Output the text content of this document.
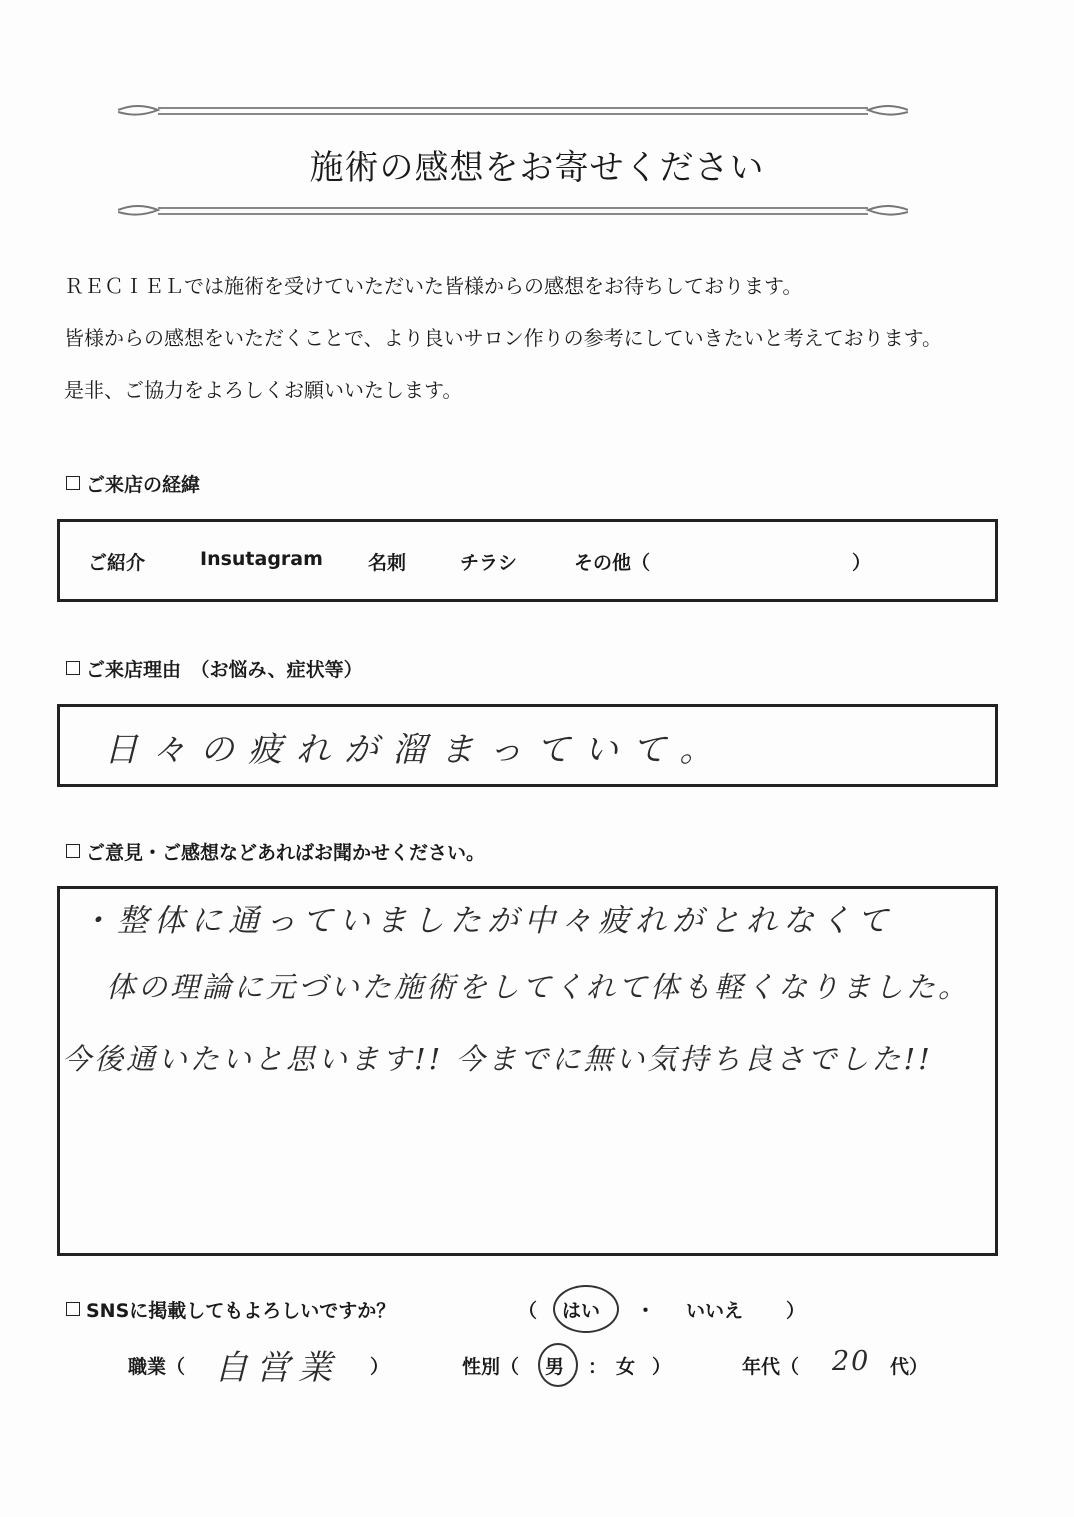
施術の感想をお寄せください
ＲＥＣＩＥＬでは施術を受けていただいた皆様からの感想をお待ちしております。
皆様からの感想をいただくことで、より良いサロン作りの参考にしていきたいと考えております。
是非、ご協力をよろしくお願いいたします。
ご来店の経緯
ご紹介	Insutagram 名刺	チラシ	その他（	）
ご来店理由　（お悩み、症状等）
日々の疲れが溜まっていて。
ご意見・ご感想などあればお聞かせください。
・整体に通っていましたが中々疲れがとれなくて
体の理論に元づいた施術をしてくれて体も軽くなりました。
今後通いたいと思います!! 今までに無い気持ち良さでした!!
SNSに掲載してもよろしいですか？	（ はい ・ いいえ ）
職業（ 自営業 ）	性別（ 男 ： 女 ）	年代（ 20 代）
